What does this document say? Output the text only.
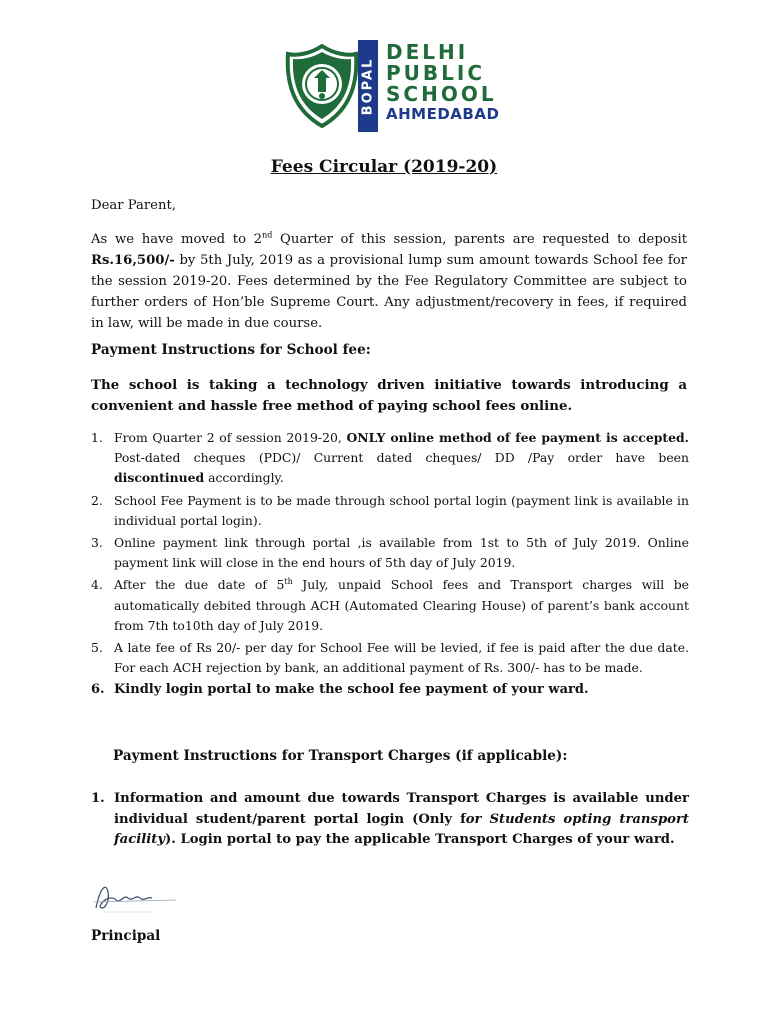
BOPAL
DELHI
PUBLIC
SCHOOL
AHMEDABAD
Fees Circular (2019-20)
Dear Parent,
As we have moved to 2nd Quarter of this session, parents are requested to deposit Rs.16,500/- by 5th July, 2019 as a provisional lump sum amount towards School fee for the session 2019-20. Fees determined by the Fee Regulatory Committee are subject to further orders of Hon’ble Supreme Court. Any adjustment/recovery in fees, if required in law, will be made in due course.
Payment Instructions for School fee:
The school is taking a technology driven initiative towards introducing a convenient and hassle free method of paying school fees online.
1. From Quarter 2 of session 2019-20, ONLY online method of fee payment is accepted. Post-dated cheques (PDC)/ Current dated cheques/ DD /Pay order have been discontinued accordingly.
2. School Fee Payment is to be made through school portal login (payment link is available in individual portal login).
3. Online payment link through portal ,is available from 1st to 5th of July 2019. Online payment link will close in the end hours of 5th day of July 2019.
4. After the due date of 5th July, unpaid School fees and Transport charges will be automatically debited through ACH (Automated Clearing House) of parent’s bank account from 7th to10th day of July 2019.
5. A late fee of Rs 20/- per day for School Fee will be levied, if fee is paid after the due date. For each ACH rejection by bank, an additional payment of Rs. 300/- has to be made.
6. Kindly login portal to make the school fee payment of your ward.
Payment Instructions for Transport Charges (if applicable):
1. Information and amount due towards Transport Charges is available under individual student/parent portal login (Only for Students opting transport facility). Login portal to pay the applicable Transport Charges of your ward.
Principal
